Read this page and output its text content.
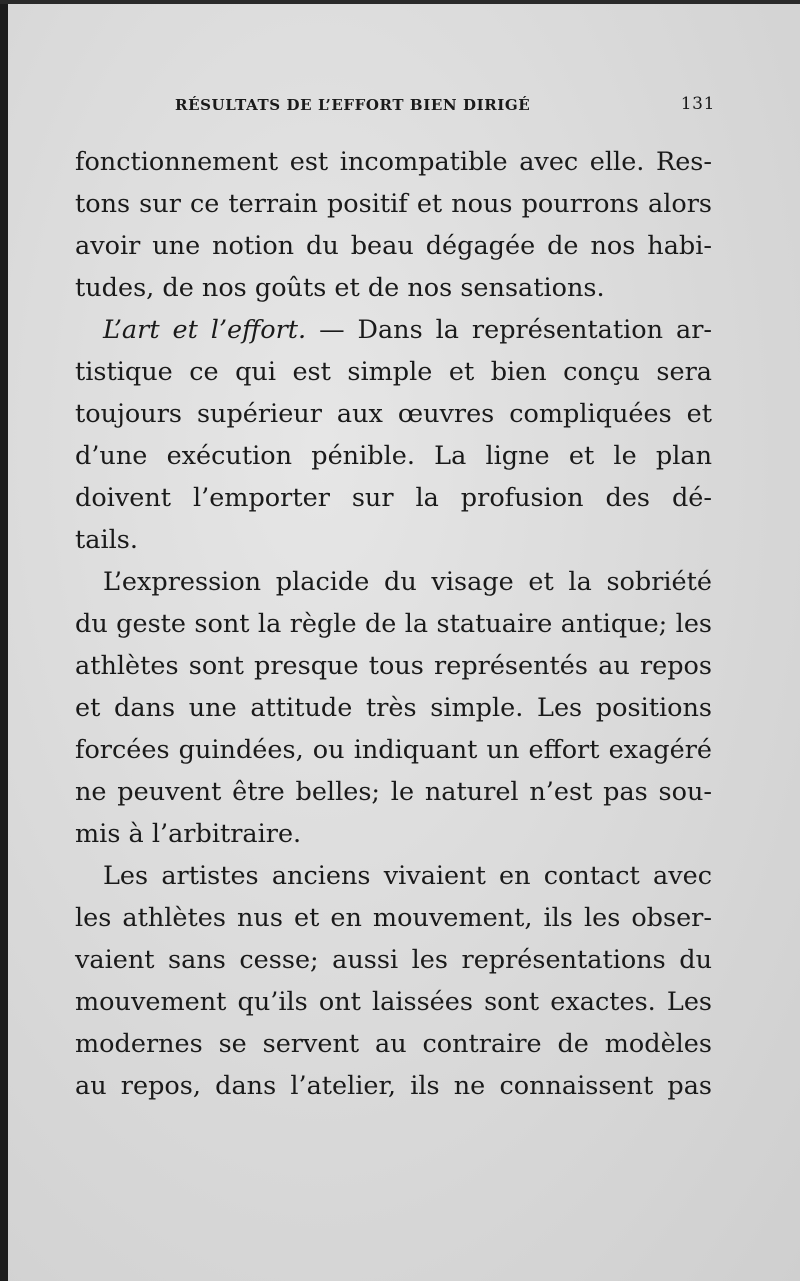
RÉSULTATS DE L’EFFORT BIEN DIRIGÉ	131
fonctionnement est incompatible avec elle. Res-
tons sur ce terrain positif et nous pourrons alors
avoir une notion du beau dégagée de nos habi-
tudes, de nos goûts et de nos sensations.
L’art et l’effort. — Dans la représentation ar-
tistique ce qui est simple et bien conçu sera
toujours supérieur aux œuvres compliquées et
d’une exécution pénible. La ligne et le plan
doivent l’emporter sur la profusion des dé-
tails.
L’expression placide du visage et la sobriété
du geste sont la règle de la statuaire antique; les
athlètes sont presque tous représentés au repos
et dans une attitude très simple. Les positions
forcées guindées, ou indiquant un effort exagéré
ne peuvent être belles; le naturel n’est pas sou-
mis à l’arbitraire.
Les artistes anciens vivaient en contact avec
les athlètes nus et en mouvement, ils les obser-
vaient sans cesse; aussi les représentations du
mouvement qu’ils ont laissées sont exactes. Les
modernes se servent au contraire de modèles
au repos, dans l’atelier, ils ne connaissent pas
